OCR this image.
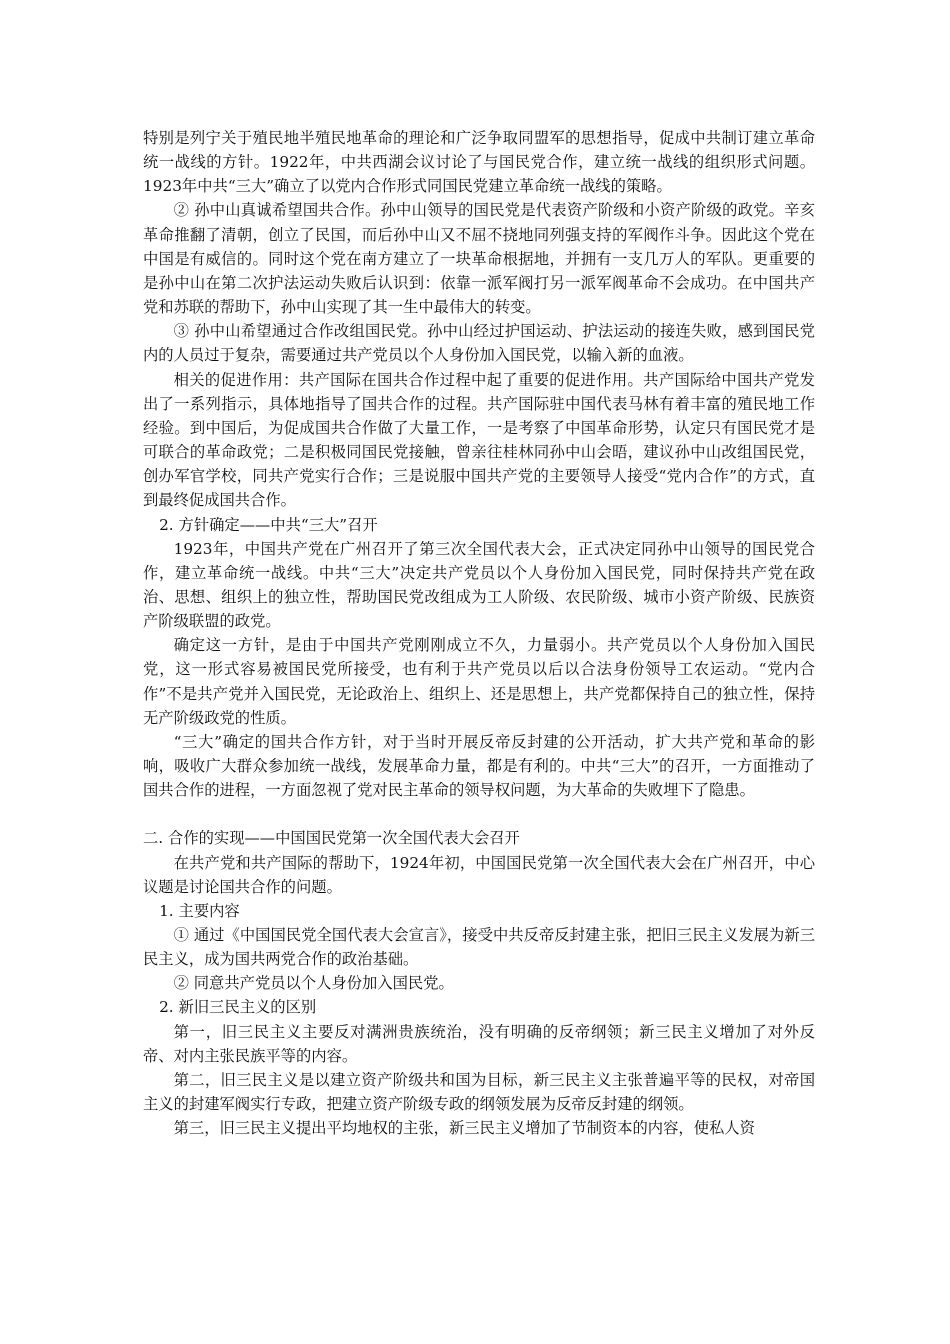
特别是列宁关于殖民地半殖民地革命的理论和广泛争取同盟军的思想指导，促成中共制订建立革命统一战线的方针。1922年，中共西湖会议讨论了与国民党合作，建立统一战线的组织形式问题。1923年中共“三大”确立了以党内合作形式同国民党建立革命统一战线的策略。

② 孙中山真诚希望国共合作。孙中山领导的国民党是代表资产阶级和小资产阶级的政党。辛亥革命推翻了清朝，创立了民国，而后孙中山又不屈不挠地同列强支持的军阀作斗争。因此这个党在中国是有威信的。同时这个党在南方建立了一块革命根据地，并拥有一支几万人的军队。更重要的是孙中山在第二次护法运动失败后认识到：依靠一派军阀打另一派军阀革命不会成功。在中国共产党和苏联的帮助下，孙中山实现了其一生中最伟大的转变。

③ 孙中山希望通过合作改组国民党。孙中山经过护国运动、护法运动的接连失败，感到国民党内的人员过于复杂，需要通过共产党员以个人身份加入国民党，以输入新的血液。

相关的促进作用：共产国际在国共合作过程中起了重要的促进作用。共产国际给中国共产党发出了一系列指示，具体地指导了国共合作的过程。共产国际驻中国代表马林有着丰富的殖民地工作经验。到中国后，为促成国共合作做了大量工作，一是考察了中国革命形势，认定只有国民党才是可联合的革命政党；二是积极同国民党接触，曾亲往桂林同孙中山会晤，建议孙中山改组国民党，创办军官学校，同共产党实行合作；三是说服中国共产党的主要领导人接受“党内合作”的方式，直到最终促成国共合作。

2. 方针确定——中共“三大”召开

1923年，中国共产党在广州召开了第三次全国代表大会，正式决定同孙中山领导的国民党合作，建立革命统一战线。中共“三大”决定共产党员以个人身份加入国民党，同时保持共产党在政治、思想、组织上的独立性，帮助国民党改组成为工人阶级、农民阶级、城市小资产阶级、民族资产阶级联盟的政党。

确定这一方针，是由于中国共产党刚刚成立不久，力量弱小。共产党员以个人身份加入国民党，这一形式容易被国民党所接受，也有利于共产党员以后以合法身份领导工农运动。“党内合作”不是共产党并入国民党，无论政治上、组织上、还是思想上，共产党都保持自己的独立性，保持无产阶级政党的性质。

“三大”确定的国共合作方针，对于当时开展反帝反封建的公开活动，扩大共产党和革命的影响，吸收广大群众参加统一战线，发展革命力量，都是有利的。中共“三大”的召开，一方面推动了国共合作的进程，一方面忽视了党对民主革命的领导权问题，为大革命的失败埋下了隐患。

二. 合作的实现——中国国民党第一次全国代表大会召开

在共产党和共产国际的帮助下，1924年初，中国国民党第一次全国代表大会在广州召开，中心议题是讨论国共合作的问题。

1. 主要内容

① 通过《中国国民党全国代表大会宣言》，接受中共反帝反封建主张，把旧三民主义发展为新三民主义，成为国共两党合作的政治基础。

② 同意共产党员以个人身份加入国民党。

2. 新旧三民主义的区别

第一，旧三民主义主要反对满洲贵族统治，没有明确的反帝纲领；新三民主义增加了对外反帝、对内主张民族平等的内容。

第二，旧三民主义是以建立资产阶级共和国为目标，新三民主义主张普遍平等的民权，对帝国主义的封建军阀实行专政，把建立资产阶级专政的纲领发展为反帝反封建的纲领。

第三，旧三民主义提出平均地权的主张，新三民主义增加了节制资本的内容，使私人资
